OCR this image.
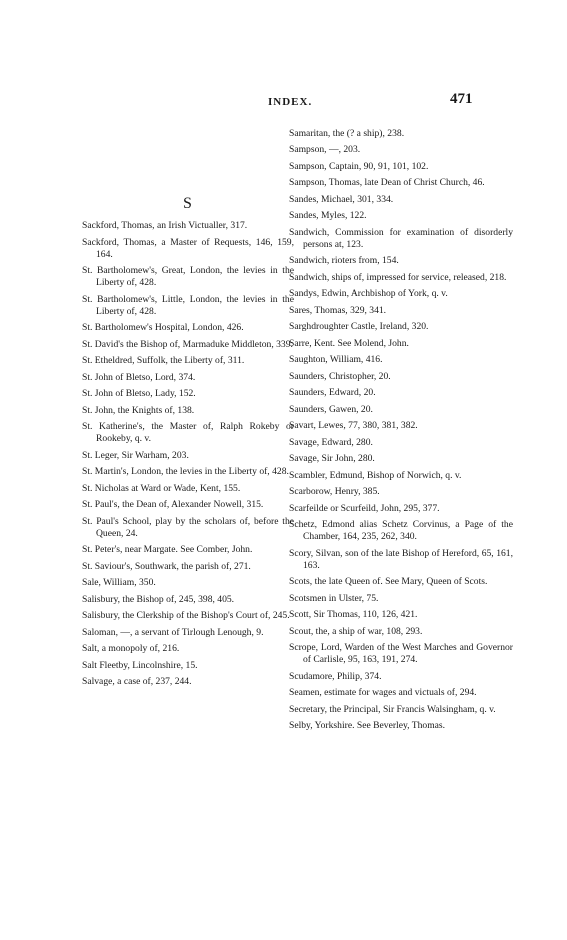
INDEX.	471
S
Sackford, Thomas, an Irish Victualler, 317.
Sackford, Thomas, a Master of Requests, 146, 159, 164.
St. Bartholomew's, Great, London, the levies in the Liberty of, 428.
St. Bartholomew's, Little, London, the levies in the Liberty of, 428.
St. Bartholomew's Hospital, London, 426.
St. David's the Bishop of, Marmaduke Middleton, 339.
St. Etheldred, Suffolk, the Liberty of, 311.
St. John of Bletso, Lord, 374.
St. John of Bletso, Lady, 152.
St. John, the Knights of, 138.
St. Katherine's, the Master of, Ralph Rokeby or Rookeby, q. v.
St. Leger, Sir Warham, 203.
St. Martin's, London, the levies in the Liberty of, 428.
St. Nicholas at Ward or Wade, Kent, 155.
St. Paul's, the Dean of, Alexander Nowell, 315.
St. Paul's School, play by the scholars of, before the Queen, 24.
St. Peter's, near Margate. See Comber, John.
St. Saviour's, Southwark, the parish of, 271.
Sale, William, 350.
Salisbury, the Bishop of, 245, 398, 405.
Salisbury, the Clerkship of the Bishop's Court of, 245.
Saloman, —, a servant of Tirlough Lenough, 9.
Salt, a monopoly of, 216.
Salt Fleetby, Lincolnshire, 15.
Salvage, a case of, 237, 244.
Samaritan, the (? a ship), 238.
Sampson, —, 203.
Sampson, Captain, 90, 91, 101, 102.
Sampson, Thomas, late Dean of Christ Church, 46.
Sandes, Michael, 301, 334.
Sandes, Myles, 122.
Sandwich, Commission for examination of disorderly persons at, 123.
Sandwich, rioters from, 154.
Sandwich, ships of, impressed for service, released, 218.
Sandys, Edwin, Archbishop of York, q. v.
Sares, Thomas, 329, 341.
Sarghdroughter Castle, Ireland, 320.
Sarre, Kent. See Molend, John.
Saughton, William, 416.
Saunders, Christopher, 20.
Saunders, Edward, 20.
Saunders, Gawen, 20.
Savart, Lewes, 77, 380, 381, 382.
Savage, Edward, 280.
Savage, Sir John, 280.
Scambler, Edmund, Bishop of Norwich, q. v.
Scarborow, Henry, 385.
Scarfeilde or Scurfeild, John, 295, 377.
Schetz, Edmond alias Schetz Corvinus, a Page of the Chamber, 164, 235, 262, 340.
Scory, Silvan, son of the late Bishop of Hereford, 65, 161, 163.
Scots, the late Queen of. See Mary, Queen of Scots.
Scotsmen in Ulster, 75.
Scott, Sir Thomas, 110, 126, 421.
Scout, the, a ship of war, 108, 293.
Scrope, Lord, Warden of the West Marches and Governor of Carlisle, 95, 163, 191, 274.
Scudamore, Philip, 374.
Seamen, estimate for wages and victuals of, 294.
Secretary, the Principal, Sir Francis Walsingham, q. v.
Selby, Yorkshire. See Beverley, Thomas.
